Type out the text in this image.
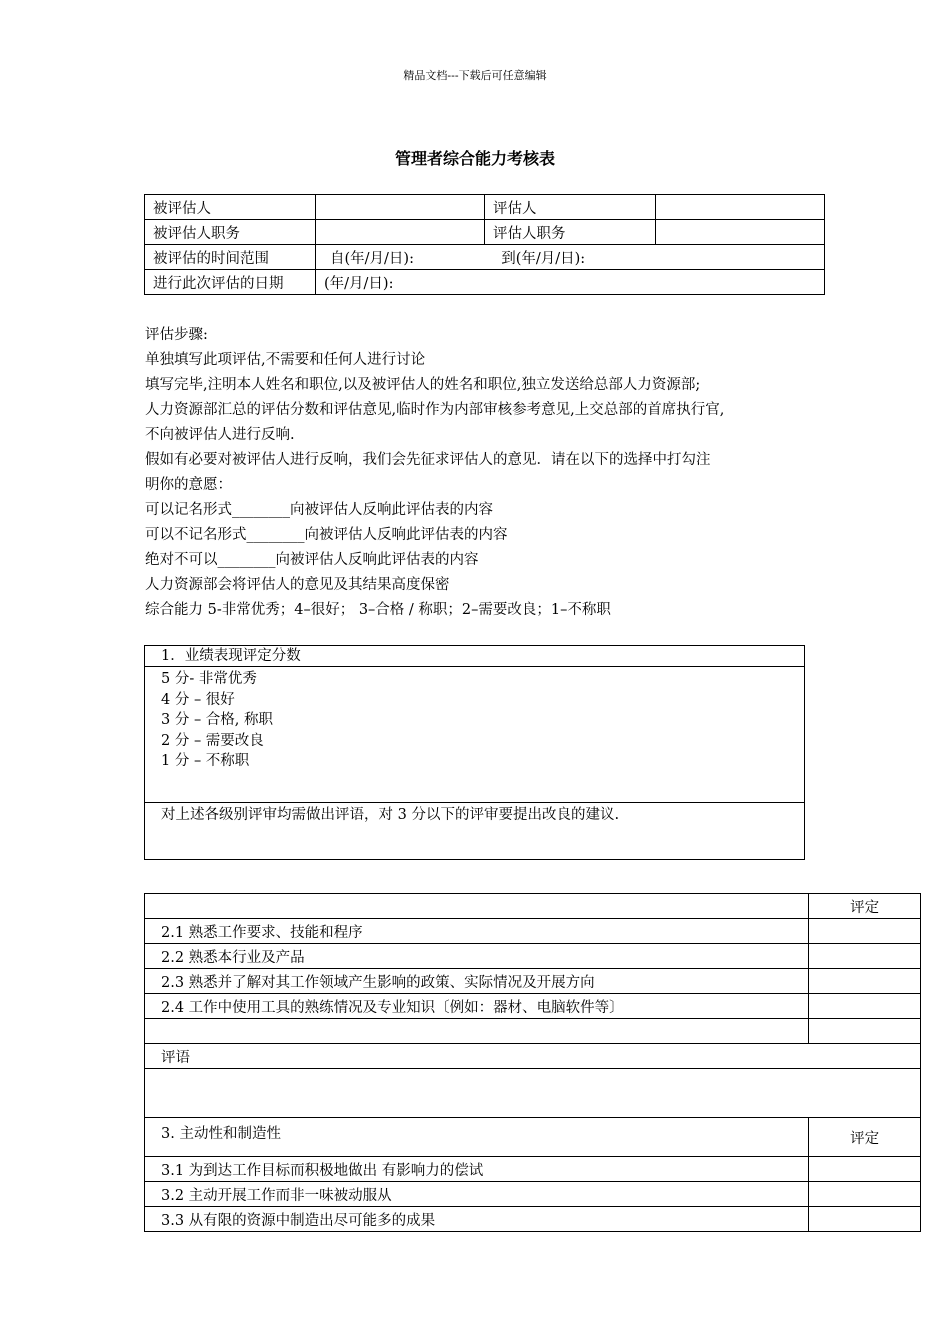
精品文档---下载后可任意编辑
管理者综合能力考核表
被评估人		评估人	
被评估人职务		评估人职务	
被评估的时间范围	自(年/月/日): 到(年/月/日):		
进行此次评估的日期	(年/月/日):		

评估步骤:

单独填写此项评估,不需要和任何人进行讨论

填写完毕,注明本人姓名和职位,以及被评估人的姓名和职位,独立发送给总部人力资源部;

人力资源部汇总的评估分数和评估意见,临时作为内部审核参考意见,上交总部的首席执行官,

不向被评估人进行反响.

假如有必要对被评估人进行反响，我们会先征求评估人的意见．请在以下的选择中打勾注

明你的意愿：

可以记名形式________向被评估人反响此评估表的内容

可以不记名形式________向被评估人反响此评估表的内容

绝对不可以________向被评估人反响此评估表的内容

人力资源部会将评估人的意见及其结果高度保密

综合能力 5-非常优秀；4–很好； 3–合格 / 称职；2–需要改良；1–不称职

1．业绩表现评定分数
5 分- 非常优秀
4 分 – 很好
3 分 – 合格, 称职
2 分 – 需要改良
1 分 – 不称职
对上述各级别评审均需做出评语，对 3 分以下的评审要提出改良的建议.
	评定
2.1 熟悉工作要求、技能和程序	
2.2 熟悉本行业及产品	
2.3 熟悉并了解对其工作领域产生影响的政策、实际情况及开展方向	
2.4 工作中使用工具的熟练情况及专业知识〔例如：器材、电脑软件等〕	

评语	

3. 主动性和制造性	评定
3.1 为到达工作目标而积极地做出 有影响力的偿试	
3.2 主动开展工作而非一味被动服从	
3.3 从有限的资源中制造出尽可能多的成果	
